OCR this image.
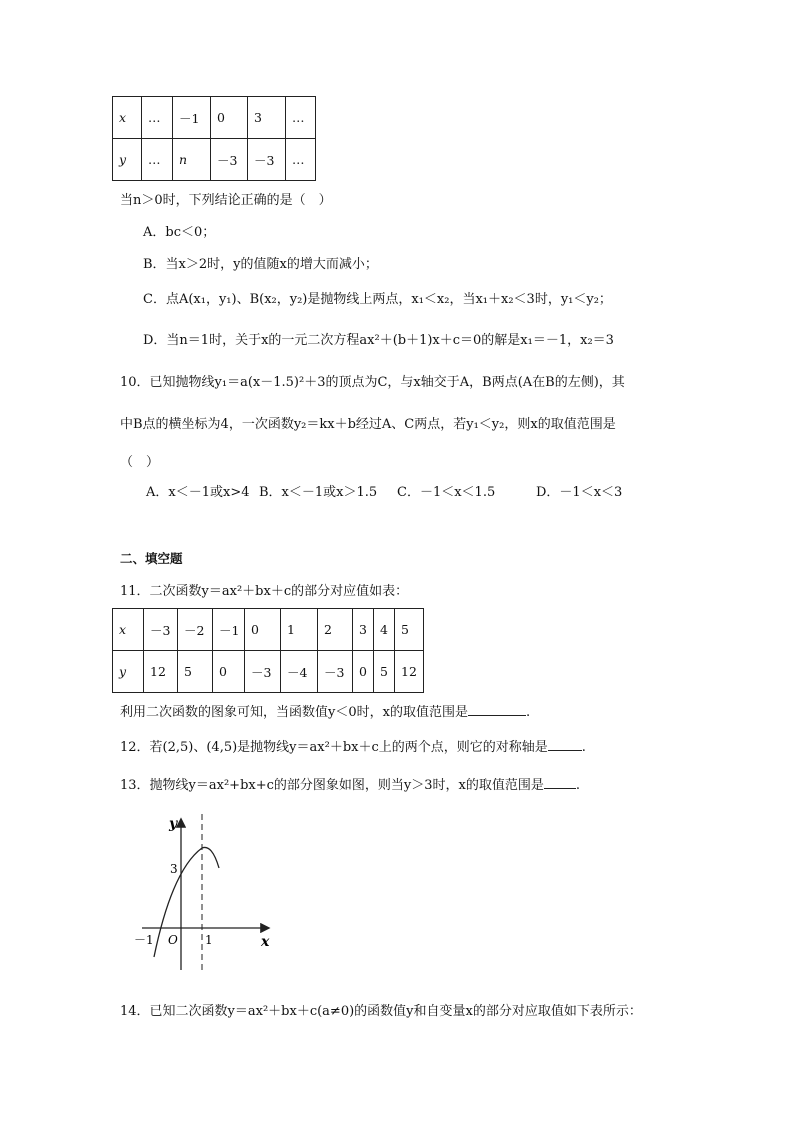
x	…	－1	0	3	…
y	…	n	－3	－3	…
当n＞0时，下列结论正确的是（　）
A．bc＜0；
B．当x＞2时，y的值随x的增大而减小；
C．点A(x₁，y₁)、B(x₂，y₂)是抛物线上两点，x₁＜x₂，当x₁＋x₂＜3时，y₁＜y₂；
D．当n＝1时，关于x的一元二次方程ax²＋(b＋1)x＋c＝0的解是x₁＝－1，x₂＝3
10．已知抛物线y₁＝a(x－1.5)²＋3的顶点为C，与x轴交于A，B两点(A在B的左侧)，其
中B点的横坐标为4，一次函数y₂＝kx＋b经过A、C两点，若y₁＜y₂，则x的取值范围是
（　）
A．x＜－1或x>4 B．x＜－1或x＞1.5 C．－1＜x＜1.5	D．－1＜x＜3
二、填空题
11．二次函数y＝ax²＋bx＋c的部分对应值如表：
x	－3	－2	－1	0	1	2	3	4	5
y	12	5	0	－3	－4	－3	0	5	12
利用二次函数的图象可知，当函数值y＜0时，x的取值范围是	.
12．若(2,5)、(4,5)是抛物线y＝ax²＋bx＋c上的两个点，则它的对称轴是	.
13．抛物线y＝ax²+bx+c的部分图象如图，则当y＞3时，x的取值范围是 .
y
x
3
O
－1	1
14．已知二次函数y＝ax²＋bx＋c(a≠0)的函数值y和自变量x的部分对应取值如下表所示：
